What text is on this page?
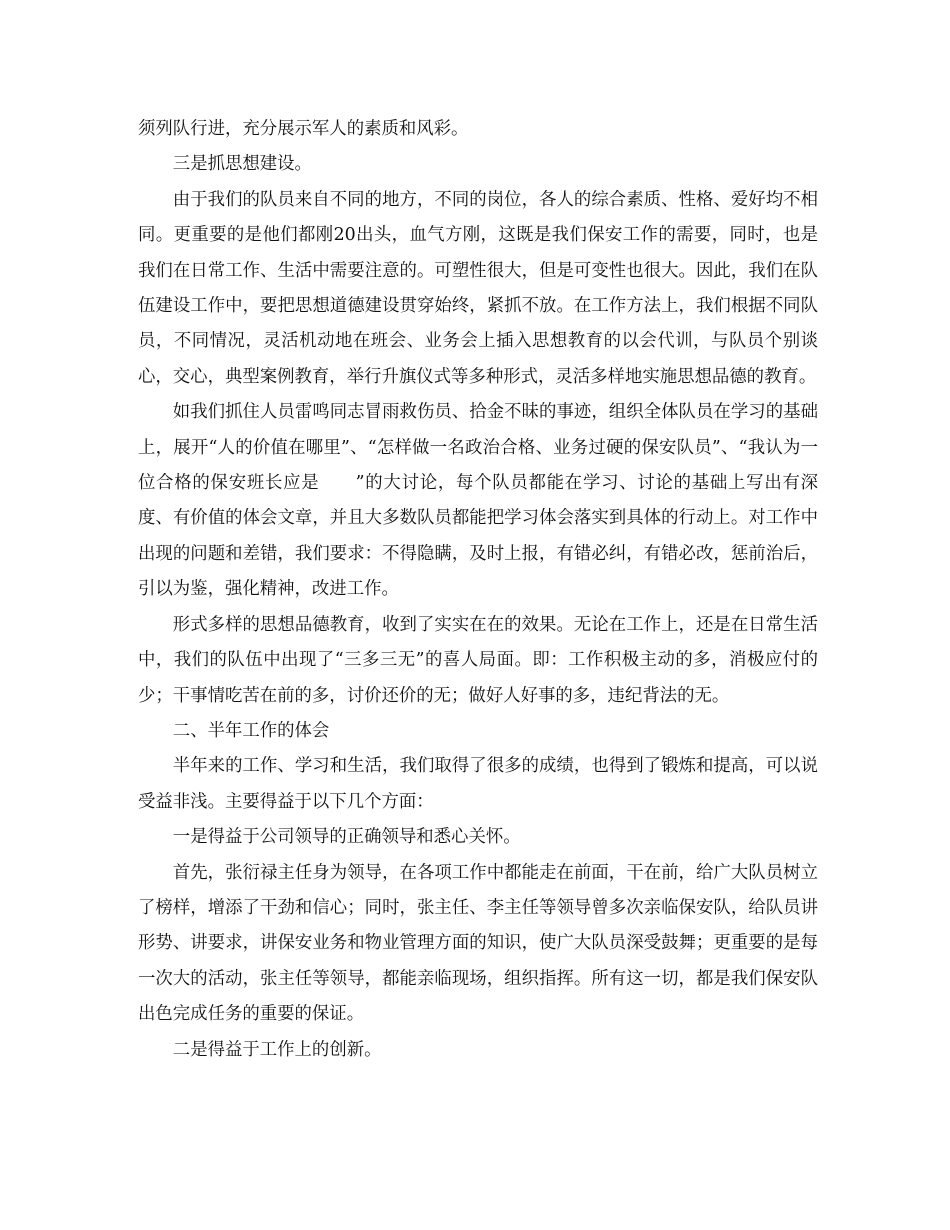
须列队行进，充分展示军人的素质和风彩。

三是抓思想建设。

由于我们的队员来自不同的地方，不同的岗位，各人的综合素质、性格、爱好均不相同。更重要的是他们都刚20出头，血气方刚，这既是我们保安工作的需要，同时，也是我们在日常工作、生活中需要注意的。可塑性很大，但是可变性也很大。因此，我们在队伍建设工作中，要把思想道德建设贯穿始终，紧抓不放。在工作方法上，我们根据不同队员，不同情况，灵活机动地在班会、业务会上插入思想教育的以会代训，与队员个别谈心，交心，典型案例教育，举行升旗仪式等多种形式，灵活多样地实施思想品德的教育。

如我们抓住人员雷鸣同志冒雨救伤员、拾金不昧的事迹，组织全体队员在学习的基础上，展开“人的价值在哪里”、“怎样做一名政治合格、业务过硬的保安队员”、“我认为一位合格的保安班长应是　　”的大讨论，每个队员都能在学习、讨论的基础上写出有深度、有价值的体会文章，并且大多数队员都能把学习体会落实到具体的行动上。对工作中出现的问题和差错，我们要求：不得隐瞒，及时上报，有错必纠，有错必改，惩前治后，引以为鉴，强化精神，改进工作。

形式多样的思想品德教育，收到了实实在在的效果。无论在工作上，还是在日常生活中，我们的队伍中出现了“三多三无”的喜人局面。即：工作积极主动的多，消极应付的少；干事情吃苦在前的多，讨价还价的无；做好人好事的多，违纪背法的无。

二、半年工作的体会

半年来的工作、学习和生活，我们取得了很多的成绩，也得到了锻炼和提高，可以说受益非浅。主要得益于以下几个方面：

一是得益于公司领导的正确领导和悉心关怀。

首先，张衍禄主任身为领导，在各项工作中都能走在前面，干在前，给广大队员树立了榜样，增添了干劲和信心；同时，张主任、李主任等领导曾多次亲临保安队，给队员讲形势、讲要求，讲保安业务和物业管理方面的知识，使广大队员深受鼓舞；更重要的是每一次大的活动，张主任等领导，都能亲临现场，组织指挥。所有这一切，都是我们保安队出色完成任务的重要的保证。

二是得益于工作上的创新。
